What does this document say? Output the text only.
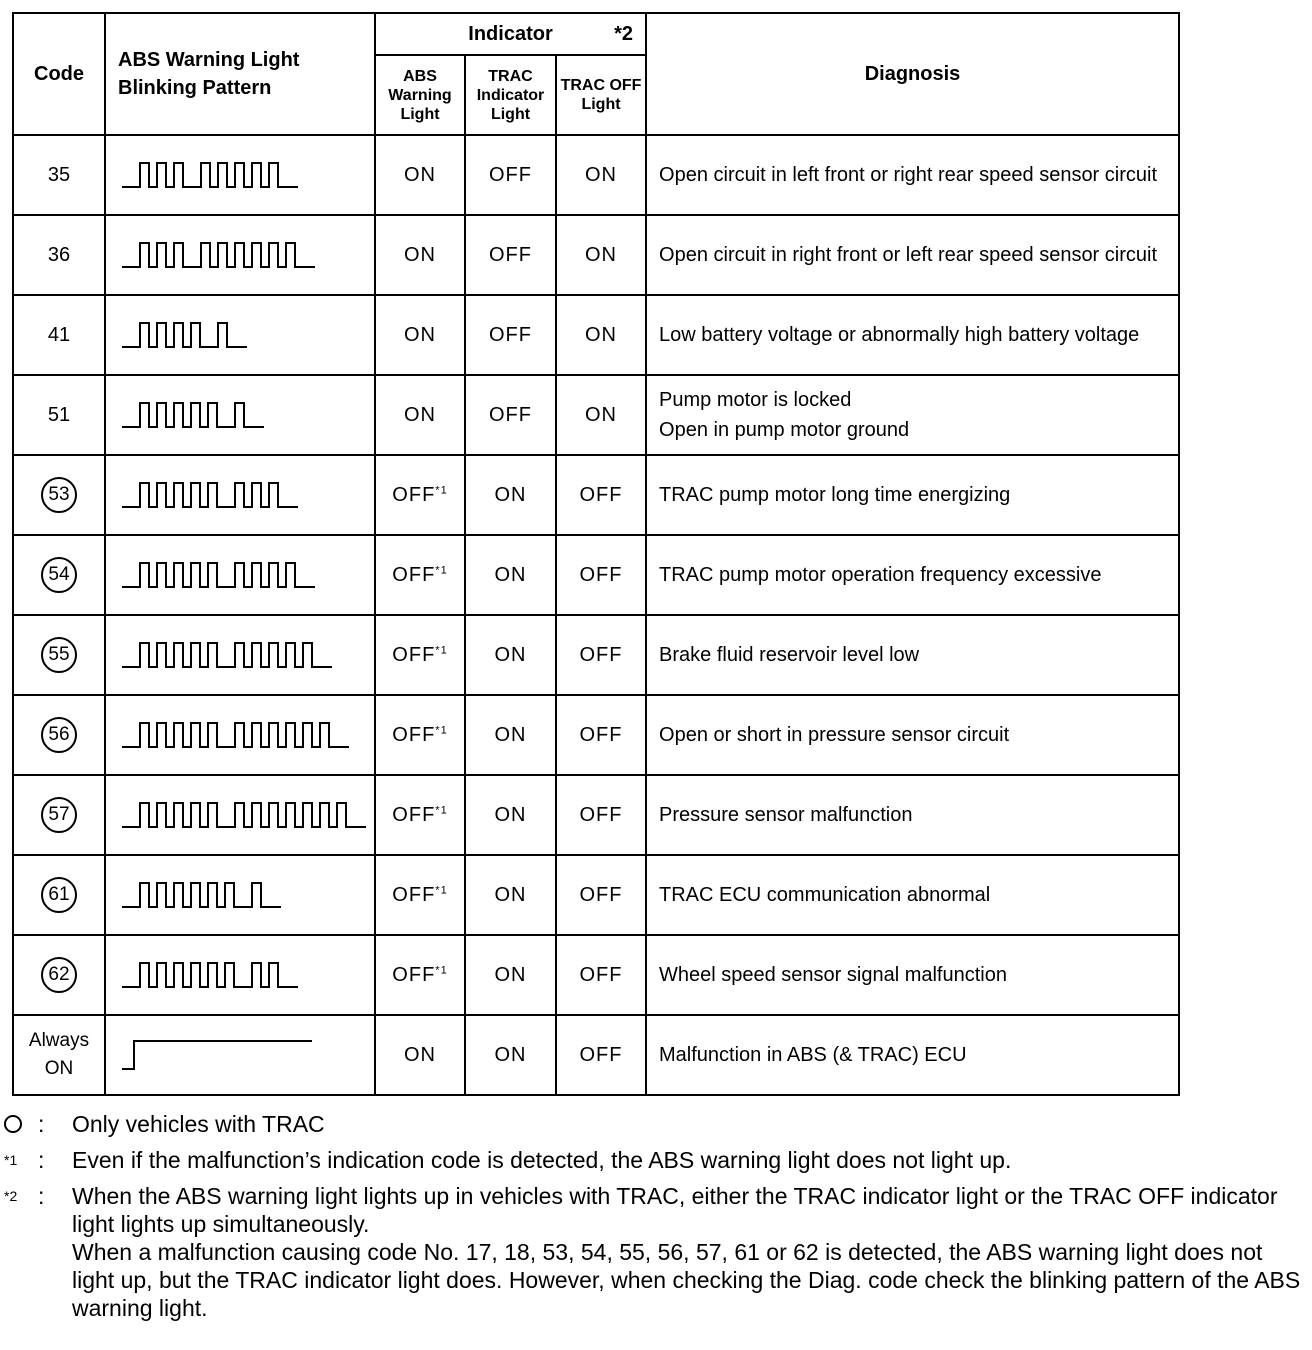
Code	ABS Warning Light Blinking Pattern	Indicator *2			Diagnosis
		ABS Warning Light	TRAC Indicator Light	TRAC OFF Light	
35		ON	OFF	ON	Open circuit in left front or right rear speed sensor circuit
36		ON	OFF	ON	Open circuit in right front or left rear speed sensor circuit
41		ON	OFF	ON	Low battery voltage or abnormally high battery voltage
51		ON	OFF	ON	Pump motor is locked
Open in pump motor ground
53		OFF$^{*1}$	ON	OFF	TRAC pump motor long time energizing
54		OFF$^{*1}$	ON	OFF	TRAC pump motor operation frequency excessive
55		OFF$^{*1}$	ON	OFF	Brake fluid reservoir level low
56		OFF$^{*1}$	ON	OFF	Open or short in pressure sensor circuit
57		OFF$^{*1}$	ON	OFF	Pressure sensor malfunction
61		OFF$^{*1}$	ON	OFF	TRAC ECU communication abnormal
62		OFF$^{*1}$	ON	OFF	Wheel speed sensor signal malfunction
Always ON		ON	ON	OFF	Malfunction in ABS (& TRAC) ECU
: Only vehicles with TRAC

$^{*1}$ : Even if the malfunction’s indication code is detected, the ABS warning light does not light up.

$^{*2}$ : When the ABS warning light lights up in vehicles with TRAC, either the TRAC indicator light or the TRAC OFF indicator light lights up simultaneously.

When a malfunction causing code No. 17, 18, 53, 54, 55, 56, 57, 61 or 62 is detected, the ABS warning light does not light up, but the TRAC indicator light does. However, when checking the Diag. code check the blinking pattern of the ABS warning light.
